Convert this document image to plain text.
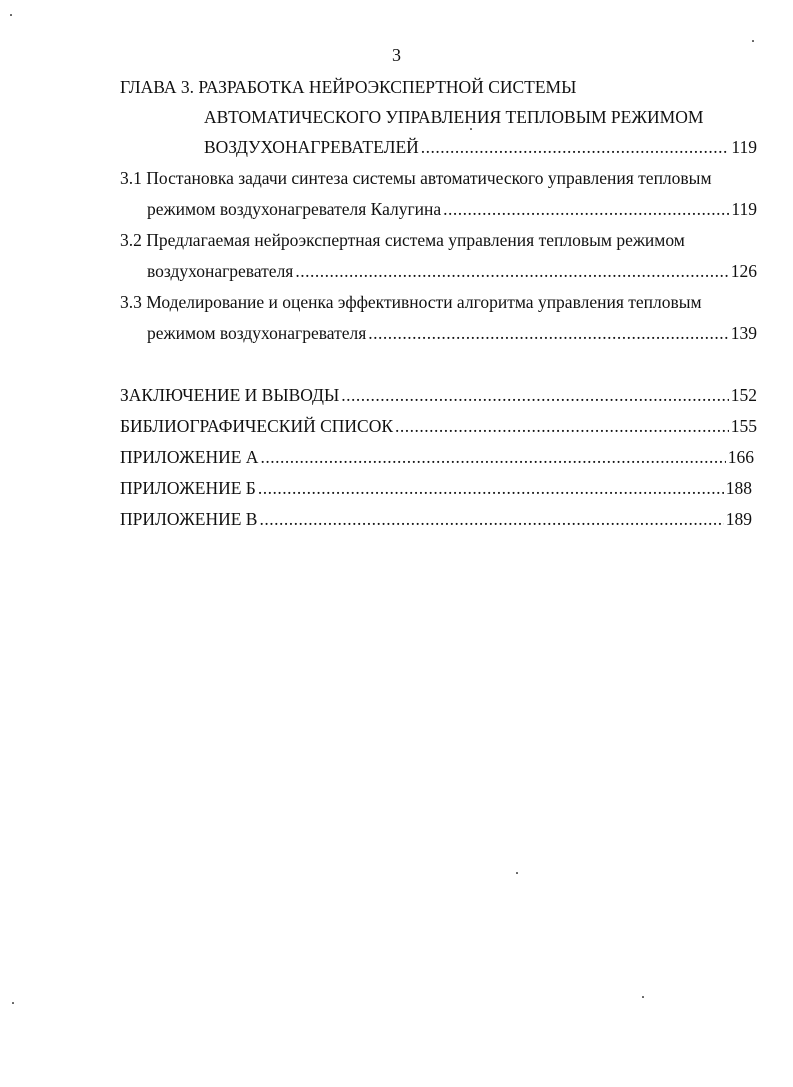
3
ГЛАВА 3. РАЗРАБОТКА НЕЙРОЭКСПЕРТНОЙ СИСТЕМЫ
АВТОМАТИЧЕСКОГО УПРАВЛЕНИЯ ТЕПЛОВЫМ РЕЖИМОМ
ВОЗДУХОНАГРЕВАТЕЛЕЙ .....	119
3.1 Постановка задачи синтеза системы автоматического управления тепловым
режимом воздухонагревателя Калугина .....	119
3.2 Предлагаемая нейроэкспертная система управления тепловым режимом
воздухонагревателя .....	126
3.3 Моделирование и оценка эффективности алгоритма управления тепловым
режимом воздухонагревателя .....	139
ЗАКЛЮЧЕНИЕ И ВЫВОДЫ .....	152
БИБЛИОГРАФИЧЕСКИЙ СПИСОК .....	155
ПРИЛОЖЕНИЕ А .....	166
ПРИЛОЖЕНИЕ Б .....	188
ПРИЛОЖЕНИЕ В .....	189
